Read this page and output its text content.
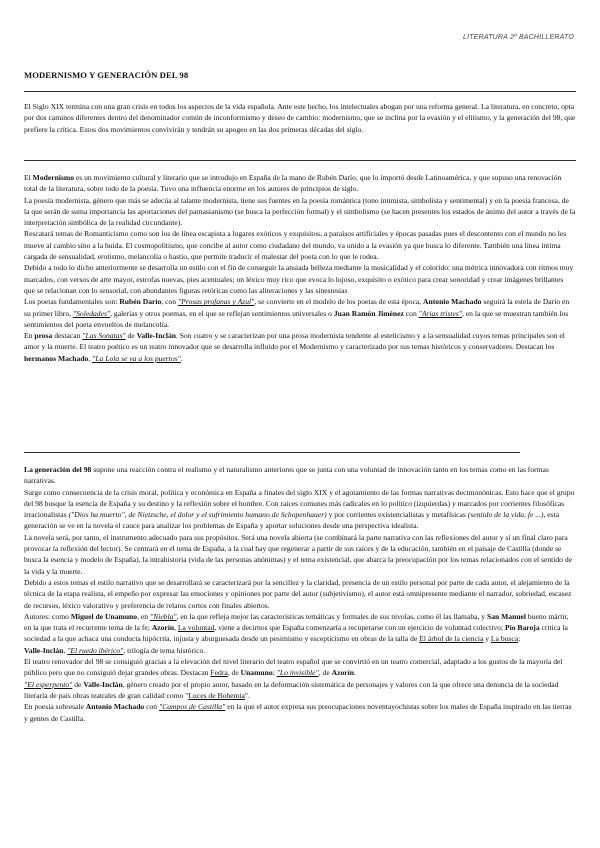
LITERATURA 2º BACHILLERATO
MODERNISMO Y GENERACIÓN DEL 98

El Siglo XIX termina con una gran crisis en todos los aspectos de la vida española. Ante este hecho, los intelectuales abogan por una reforma general. La literatura, en concreto, opta por dos caminos diferentes dentro del denominador común de inconformismo y deseo de cambio: modernismo, que se inclina por la evasión y el elitismo, y la generación del 98, que prefiere la crítica. Estos dos movimientos convivirán y tendrán su apogeo en las dos primeras décadas del siglo.

El Modernismo es un movimiento cultural y literario que se introdujo en España de la mano de Rubén Darío, que lo importó desde Latinoamérica, y que supuso una renovación total de la literatura, sobre todo de la poesía. Tuvo una influencia enorme en los autores de principios de siglo.

La poesía modernista, género que más se adecúa al talante modernista, tiene sus fuentes en la poesía romántica (tono intimista, simbolista y sentimental) y en la poesía francesa, de la que serán de suma importancia las aportaciones del parnasianismo (se busca la perfección formal) y el simbolismo (se hacen presentes los estados de ánimo del autor a través de la interpretación simbólica de la realidad circundante).

Rescatará temas de Romanticismo como son los de línea escapista a lugares exóticos y exquisitos, a paraísos artificiales y épocas pasadas pues el descontento con el mundo no les mueve al cambio sino a la huida. El cosmopolitismo, que concibe al autor como ciudadano del mundo, va unido a la evasión ya que busca lo diferente. También una línea íntima cargada de sensualidad, erotismo, melancolía o hastío, que permite traducir el malestar del poeta con lo que le rodea.

Debido a todo lo dicho anteriormente se desarrolla un estilo con el fin de conseguir la ansiada belleza mediante la musicalidad y el colorido: una métrica innovadora con ritmos muy marcados, con versos de arte mayor, estrofas nuevas, pies acentuales; un léxico muy rico que evoca lo lujoso, exquisito o exótico para crear sonoridad y crear imágenes brillantes que se relacionan con lo sensorial, con abundantes figuras retóricas como las aliteraciones y las sinestesias

Los poetas fundamentales son: Rubén Darío, con "Prosas profanas y Azul", se convierte en el modelo de los poetas de esta época, Antonio Machado seguirá la estela de Darío en su primer libro, "Soledades", galerías y otros poemas, en el que se reflejan sentimientos universales o Juan Ramón Jiménez con "Arias tristes", en la que se muestran también los sentimientos del poeta envueltos de melancolía.

En prosa destacan "Las Sonatas" de Valle-Inclán. Son cuatro y se caracterizan por una prosa modernista tendente al esteticismo y a la sensualidad cuyos temas principales son el amor y la muerte. El teatro poético es un teatro innovador que se desarrolla influido por el Modernismo y caracterizado por sus temas históricos y conservadores. Destacan los hermanos Machado, "La Lola se va a los puertos".

La generación del 98 supone una reacción contra el realismo y el naturalismo anteriores que se junta con una voluntad de innovación tanto en los temas como en las formas narrativas.

Surge como consecuencia de la crisis moral, política y económica en España a finales del siglo XIX y el agotamiento de las formas narrativas decimonónicas. Esto hace que el grupo del 98 busque la esencia de España y su destino y la reflexión sobre el hombre. Con raíces comunes más radicales en lo político (izquierdas) y marcados por corrientes filosóficas irracionalistas ("Dios ha muerto", de Nietzsche, el dolor y el sufrimiento humano de Schopenhauer) y por corrientes existencialistas y metafísicas (sentido de la vida, fe ...), esta generación se ve en la novela el cauce para analizar los problemas de España y aportar soluciones desde una perspectiva idealista.

La novela será, por tanto, el instrumento adecuado para sus propósitos. Será una novela abierta (se combinará la parte narrativa con las reflexiones del autor y si un final claro para provocar la reflexión del lector). Se centrará en el tema de España, a la cual hay que regenerar a partir de sus raíces y de la educación, también en el paisaje de Castilla (donde se busca la esencia y modelo de España), la intrahistoria (vida de las personas anónimas) y el tema existencial, que abarca la preocupación por los temas relacionados con el sentido de la vida y la muerte.

Debido a estos temas el estilo narrativo que se desarrollará se caracterizará por la sencillez y la claridad, presencia de un estilo personal por parte de cada autor, el alejamiento de la técnica de la etapa realista, el empeño por expresar las emociones y opiniones por parte del autor (subjetivismo), el autor está omnipresente mediante el narrador, sobriedad, escasez de recursos, léxico valorativo y preferencia de relatos cortos con finales abiertos.

Autores: como Miguel de Unamuno, en "Niebla", en la que refleja mejor las características temáticas y formales de sus nivolas, como él las llamaba, y San Manuel bueno mártir, en la que trata el recurrente tema de la fe; Azorín, La voluntad, viene a decirnos que España comenzaría a recuperarse con un ejercicio de voluntad colectivo; Pío Baroja critica la sociedad a la que achaca una conducta hipócrita, injusta y aburguesada desde un pesimismo y escepticismo en obras de la talla de El árbol de la ciencia y La busca;
Valle-Inclán, "El ruedo ibérico", trilogía de tema histórico.

El teatro renovador del 98 se consiguió gracias a la elevación del nivel literario del teatro español que se convirtió en un teatro comercial, adaptado a los gustos de la mayoría del público pero que no consiguió dejar grandes obras. Destacan Fedra, de Unamuno; "Lo invisible", de Azorín.

"El esperpento" de Valle-Inclán, género creado por el propio autor, basado en la deformación sistemática de personajes y valores con la que ofrece una denuncia de la sociedad literaria de país obras teatrales de gran calidad como "Luces de Bohemia".

En poesía sobresale Antonio Machado con "Campos de Castilla" en la que el autor expresa sus preocupaciones noventayochistas sobre los males de España inspirado en las tierras y gentes de Castilla.
